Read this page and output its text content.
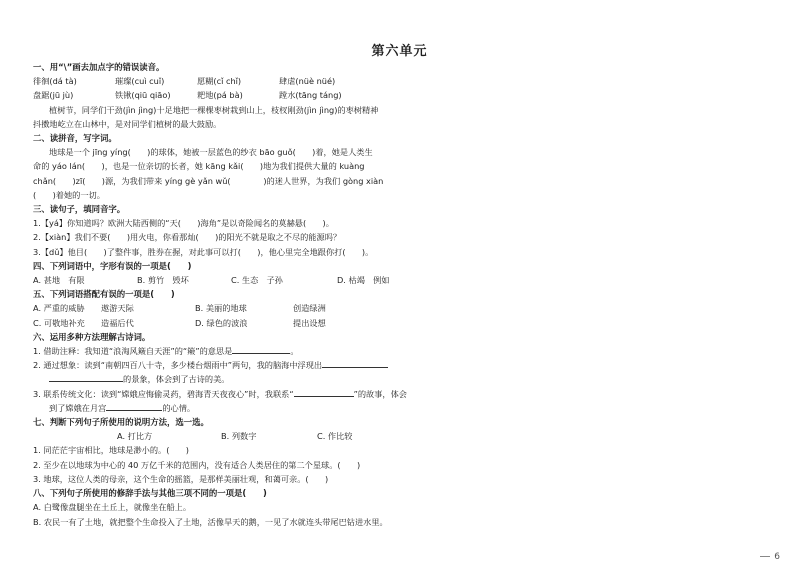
第六单元
一、用“\”画去加点字的错误读音。
徘徊(dá tà)	璀璨(cuì cuǐ)	愿糊(cǐ chǐ)	肆虐(nüè nüé)
盘踞(jū jù)	铁锹(qiū qiāo)	耙地(pá bà)	蹚水(tāng táng)
植树节，同学们干劲(jìn jìng)十足地把一棵棵枣树栽到山上，枝杈刚劲(jìn jìng)的枣树精神
抖擞地屹立在山林中，是对同学们植树的最大鼓励。
二、读拼音，写字词。
地球是一个 jīng yíng(　　)的球体，她被一层蓝色的纱衣 bāo guǒ(　　)着，她是人类生
命的 yáo lán(　　)，也是一位亲切的长者，她 kāng kǎi(　　)地为我们提供大量的 kuàng
chǎn(　　)zī(　　)源，为我们带来 yíng gè yǎn wǔ(　　　　)的迷人世界，为我们 gòng xiàn
(　　)着她的一切。
三、读句子，填同音字。
1.【yá】你知道吗？欧洲大陆西侧的“天(　　)海角”是以奇险闻名的莫赫悬(　　)。
2.【xiàn】我们不要(　　)用火电，你看那灿(　　)的阳光不就是取之不尽的能源吗？
3.【dǔ】他目(　　)了整件事，胜券在握，对此事可以打(　　)，他心里完全地跟你打(　　)。
四、下列词语中，字形有误的一项是(　　)
A. 甚地　有限	B. 剪竹　毁坏	C. 生态　子孙	D. 枯竭　例如
五、下列词语搭配有误的一项是(　　)
A. 严重的威胁	遨游天际	B. 美丽的地球	创造绿洲
C. 可敬地补充	造福后代	D. 绿色的波浪	提出设想
六、运用多种方法理解古诗词。
1. 借助注释：我知道“浪淘风簸自天涯”的“簸”的意思是	。
2. 通过想象：读到“南朝四百八十寺，多少楼台烟雨中”两句，我的脑海中浮现出
的景象，体会到了古诗的美。
3. 联系传统文化：读到“嫦娥应悔偷灵药，碧海青天夜夜心”时，我联系“	”的故事，体会
到了嫦娥在月宫	的心情。
七、判断下列句子所使用的说明方法，选一选。
A. 打比方	B. 列数字	C. 作比较
1. 同茫茫宇宙相比，地球是渺小的。(　　)
2. 至少在以地球为中心的 40 万亿千米的范围内，没有适合人类居住的第二个星球。(　　)
3. 地球，这位人类的母亲，这个生命的摇篮，是那样美丽壮观，和蔼可亲。(　　)
八、下列句子所使用的修辞手法与其他三项不同的一项是(　　)
A. 白鹭像盘腿坐在土丘上，就像坐在船上。
B. 农民一有了土地，就把整个生命投入了土地，活像旱天的鹅，一见了水就连头带尾巴钻进水里。
6
